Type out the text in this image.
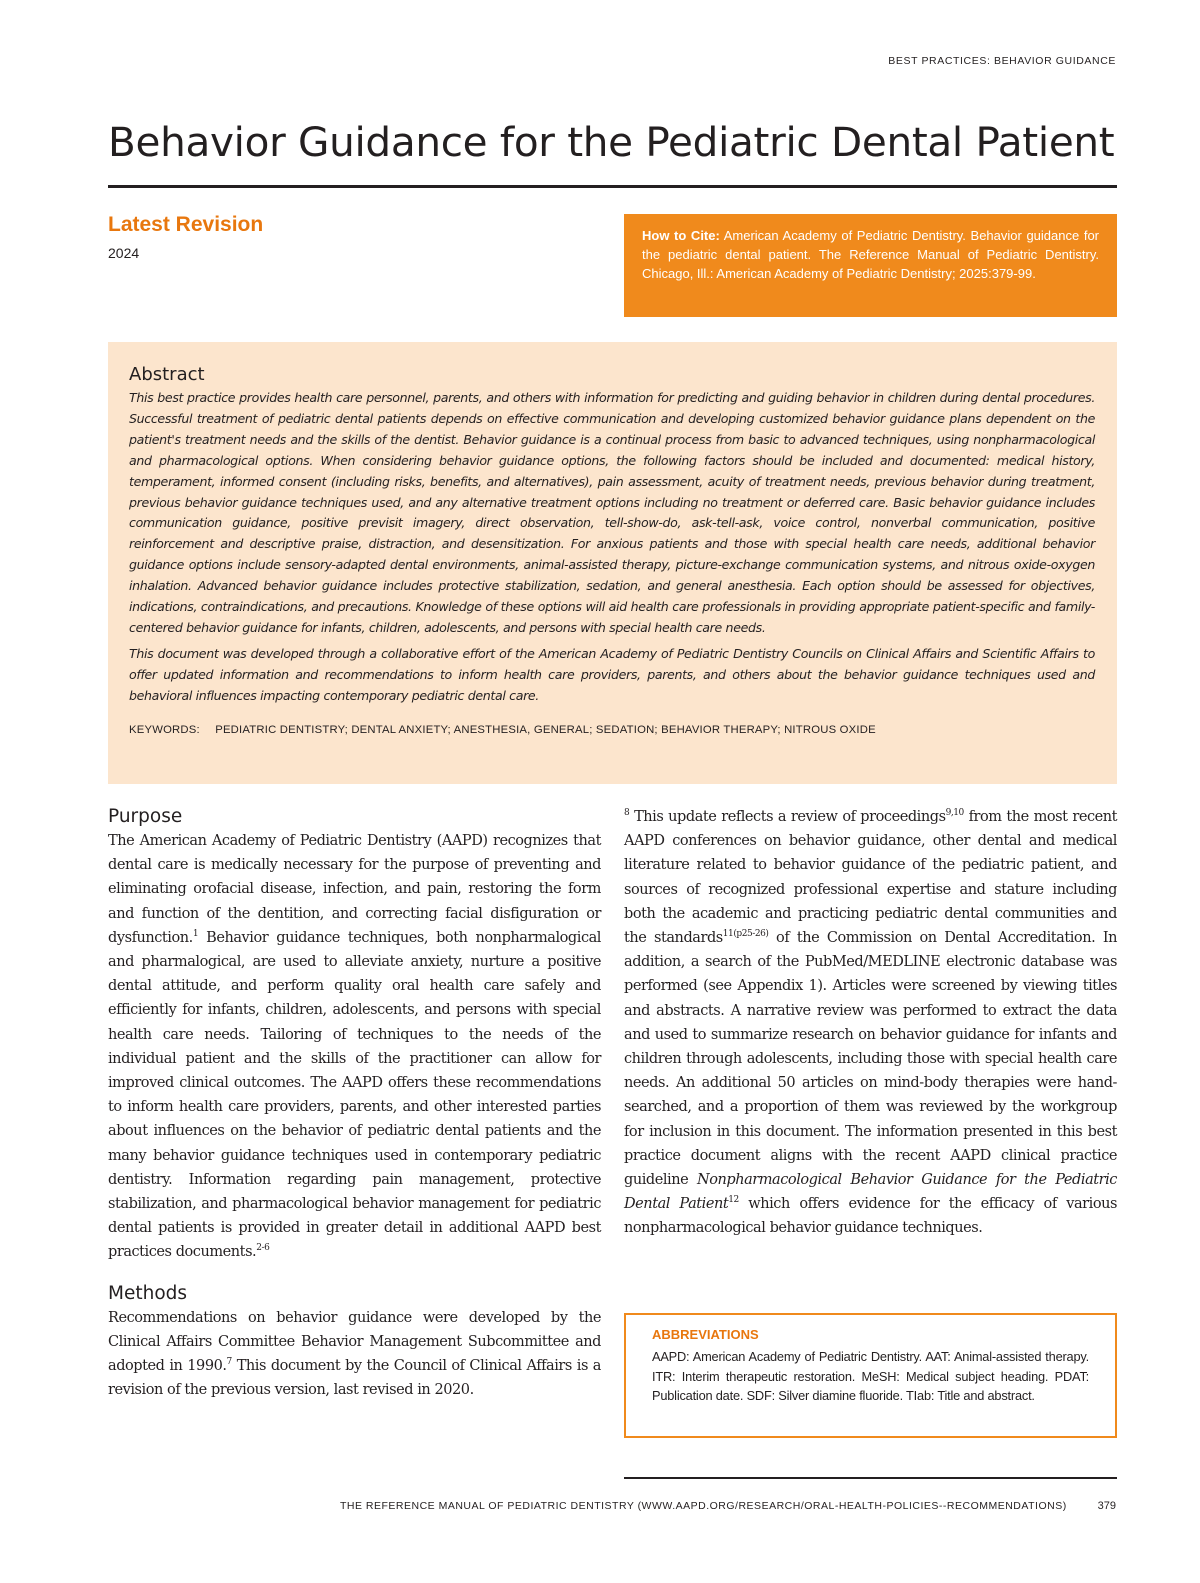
BEST PRACTICES: BEHAVIOR GUIDANCE
Behavior Guidance for the Pediatric Dental Patient
Latest Revision
2024
How to Cite: American Academy of Pediatric Dentistry. Behavior guidance for the pediatric dental patient. The Reference Manual of Pediatric Dentistry. Chicago, Ill.: American Academy of Pediatric Dentistry; 2025:379-99.
Abstract

This best practice provides health care personnel, parents, and others with information for predicting and guiding behavior in children during dental procedures. Successful treatment of pediatric dental patients depends on effective communication and developing customized behavior guidance plans dependent on the patient's treatment needs and the skills of the dentist. Behavior guidance is a continual process from basic to advanced techniques, using nonpharmacological and pharmacological options. When considering behavior guidance options, the following factors should be included and documented: medical history, temperament, informed consent (including risks, benefits, and alternatives), pain assessment, acuity of treatment needs, previous behavior during treatment, previous behavior guidance techniques used, and any alternative treatment options including no treatment or deferred care. Basic behavior guidance includes communication guidance, positive previsit imagery, direct observation, tell-show-do, ask-tell-ask, voice control, nonverbal communication, positive reinforcement and descriptive praise, distraction, and desensitization. For anxious patients and those with special health care needs, additional behavior guidance options include sensory-adapted dental environments, animal-assisted therapy, picture-exchange communication systems, and nitrous oxide-oxygen inhalation. Advanced behavior guidance includes protective stabilization, sedation, and general anesthesia. Each option should be assessed for objectives, indications, contraindications, and precautions. Knowledge of these options will aid health care professionals in providing appropriate patient-specific and family-centered behavior guidance for infants, children, adolescents, and persons with special health care needs.

This document was developed through a collaborative effort of the American Academy of Pediatric Dentistry Councils on Clinical Affairs and Scientific Affairs to offer updated information and recommendations to inform health care providers, parents, and others about the behavior guidance techniques used and behavioral influences impacting contemporary pediatric dental care.

KEYWORDS: PEDIATRIC DENTISTRY; DENTAL ANXIETY; ANESTHESIA, GENERAL; SEDATION; BEHAVIOR THERAPY; NITROUS OXIDE
Purpose

The American Academy of Pediatric Dentistry (AAPD) recognizes that dental care is medically necessary for the purpose of preventing and eliminating orofacial disease, infection, and pain, restoring the form and function of the dentition, and correcting facial disfiguration or dysfunction.$^1$ Behavior guidance techniques, both nonpharmalogical and pharmalogical, are used to alleviate anxiety, nurture a positive dental attitude, and perform quality oral health care safely and efficiently for infants, children, adolescents, and persons with special health care needs. Tailoring of techniques to the needs of the individual patient and the skills of the practitioner can allow for improved clinical outcomes. The AAPD offers these recommendations to inform health care providers, parents, and other interested parties about influences on the behavior of pediatric dental patients and the many behavior guidance techniques used in contemporary pediatric dentistry. Information regarding pain management, protective stabilization, and pharmacological behavior management for pediatric dental patients is provided in greater detail in additional AAPD best practices documents.$^{2-6}$

Methods

Recommendations on behavior guidance were developed by the Clinical Affairs Committee Behavior Management Subcommittee and adopted in 1990.$^7$ This document by the Council of Clinical Affairs is a revision of the previous version, last revised in 2020.

$^8$ This update reflects a review of proceedings$^{9,10}$ from the most recent AAPD conferences on behavior guidance, other dental and medical literature related to behavior guidance of the pediatric patient, and sources of recognized professional expertise and stature including both the academic and practicing pediatric dental communities and the standards$^{11(p25-26)}$ of the Commission on Dental Accreditation. In addition, a search of the PubMed/MEDLINE electronic database was performed (see Appendix 1). Articles were screened by viewing titles and abstracts. A narrative review was performed to extract the data and used to summarize research on behavior guidance for infants and children through adolescents, including those with special health care needs. An additional 50 articles on mind-body therapies were hand-searched, and a proportion of them was reviewed by the workgroup for inclusion in this document. The information presented in this best practice document aligns with the recent AAPD clinical practice guideline Nonpharmacological Behavior Guidance for the Pediatric Dental Patient$^{12}$ which offers evidence for the efficacy of various nonpharmacological behavior guidance techniques.

ABBREVIATIONS
AAPD: American Academy of Pediatric Dentistry. AAT: Animal-assisted therapy. ITR: Interim therapeutic restoration. MeSH: Medical subject heading. PDAT: Publication date. SDF: Silver diamine fluoride. TIab: Title and abstract.
THE REFERENCE MANUAL OF PEDIATRIC DENTISTRY (WWW.AAPD.ORG/RESEARCH/ORAL-HEALTH-POLICIES--RECOMMENDATIONS)	379
